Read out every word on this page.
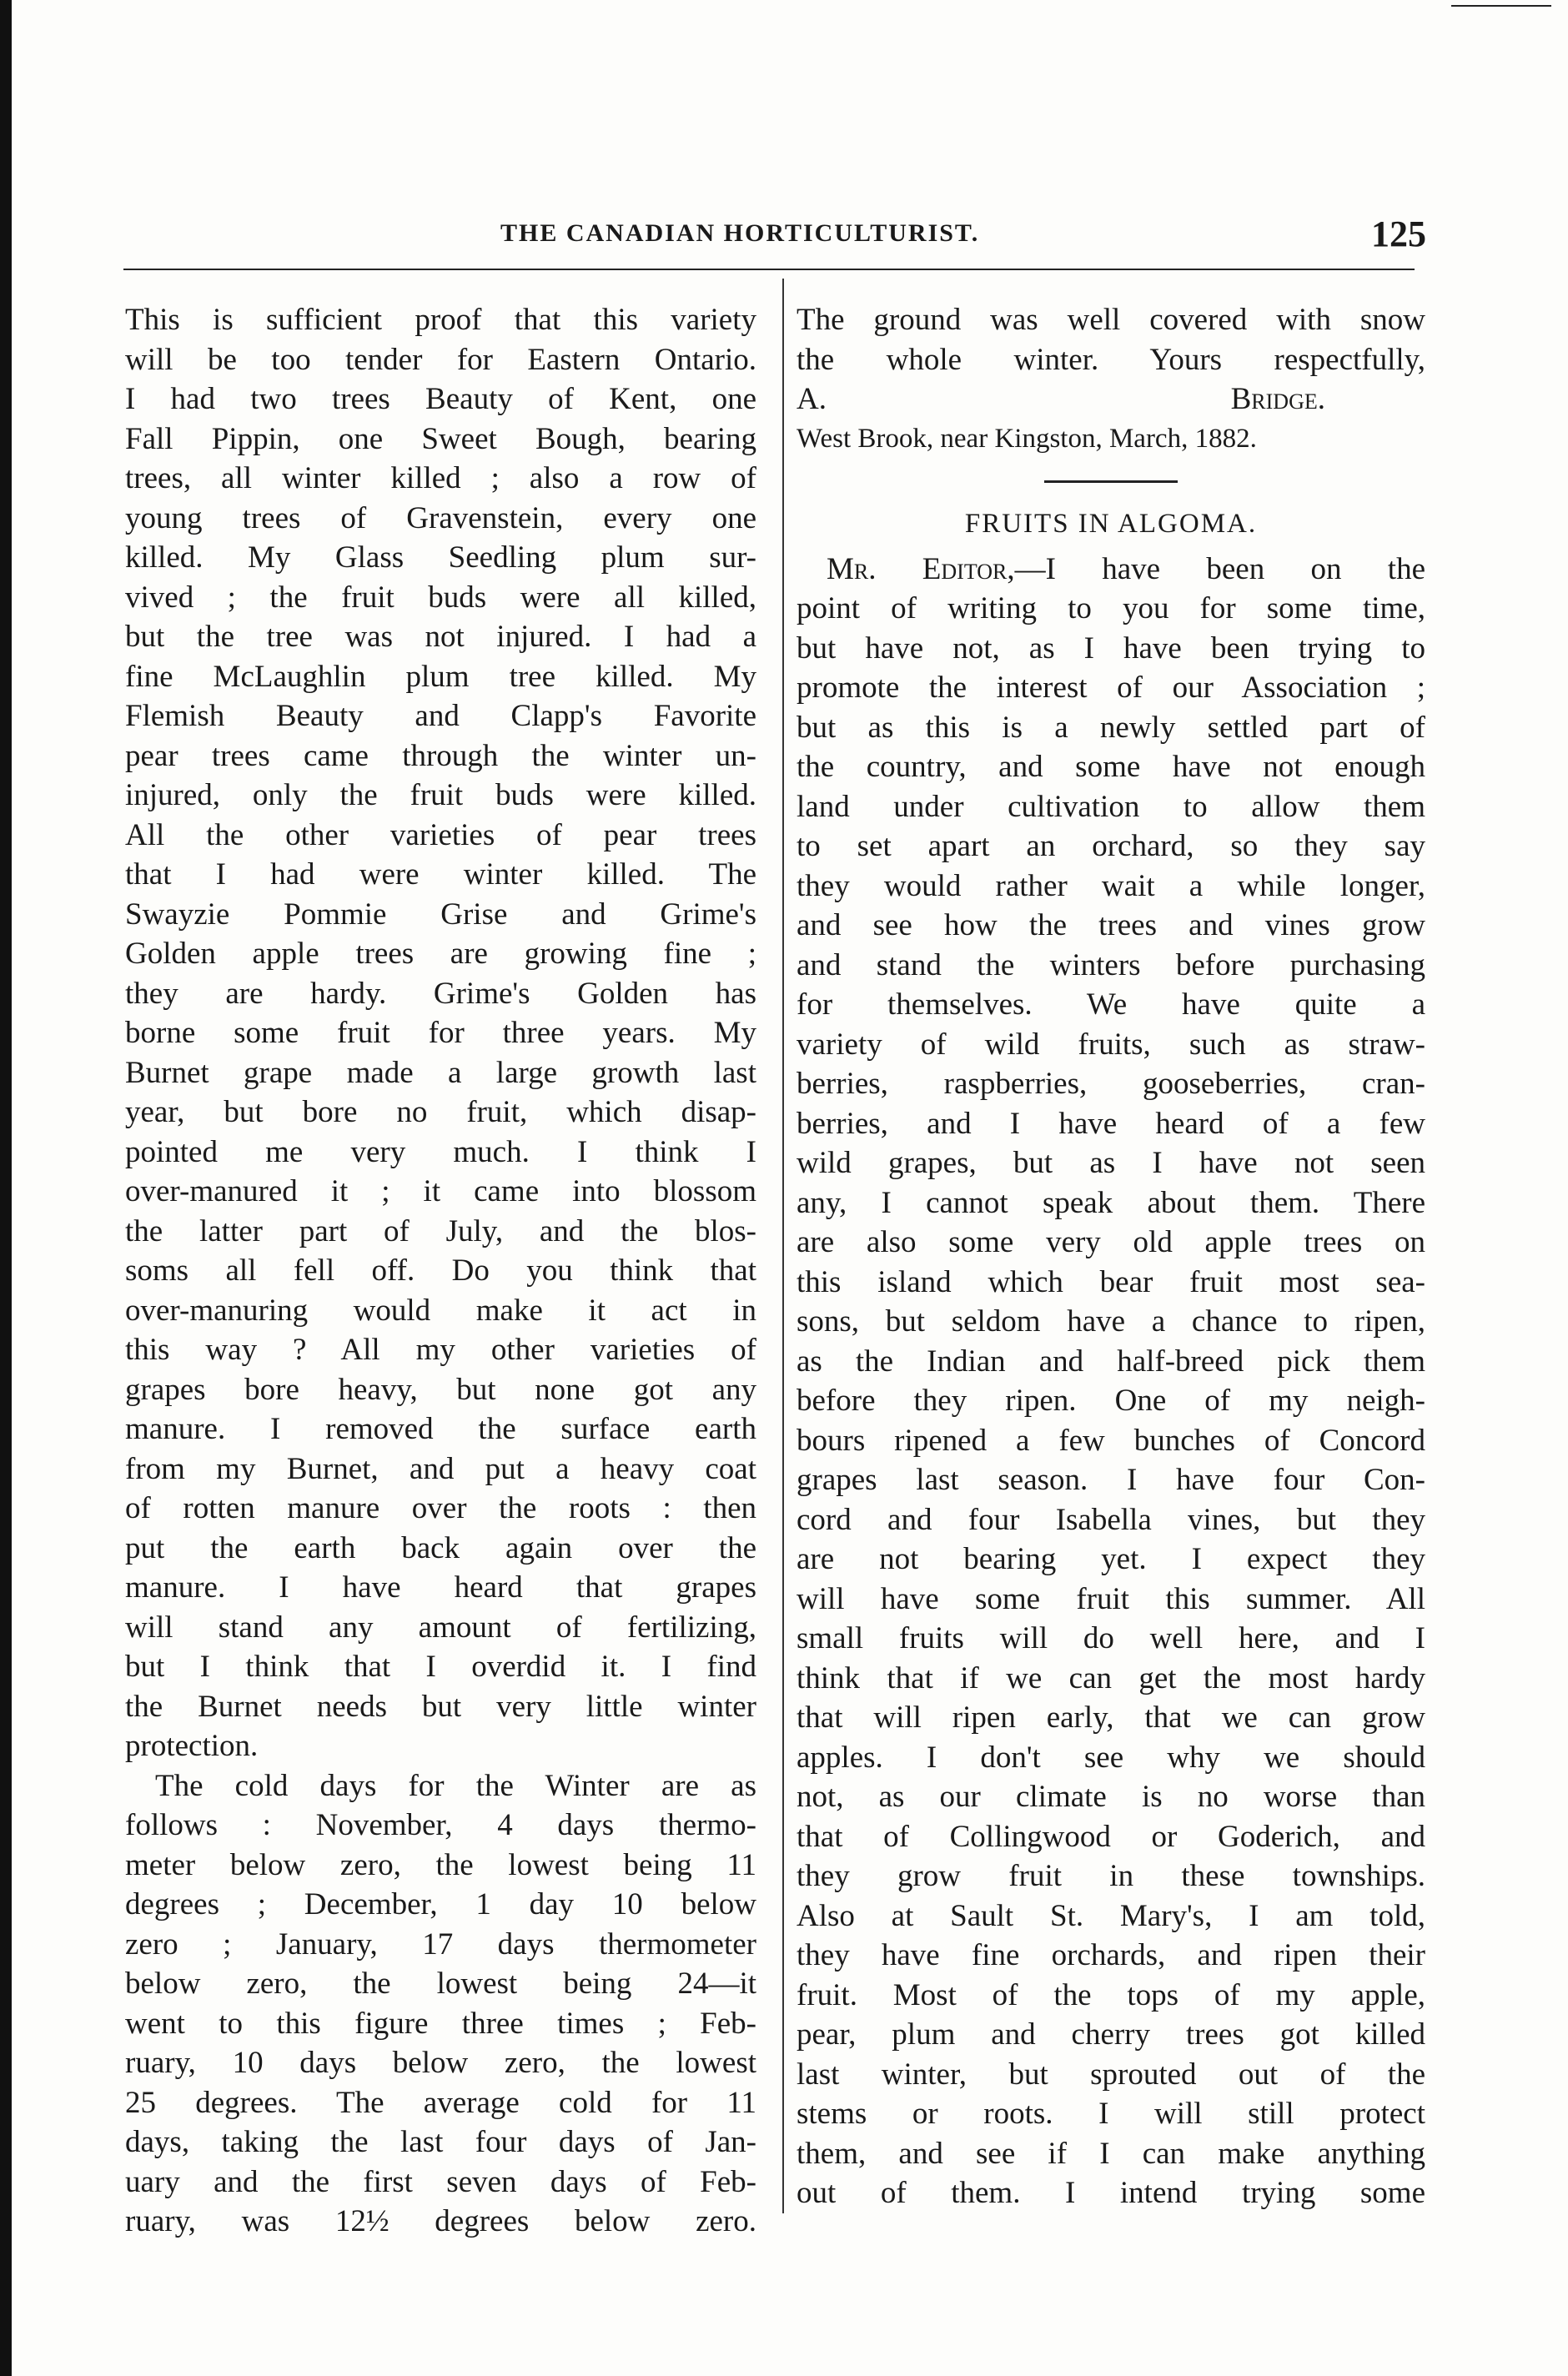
THE CANADIAN HORTICULTURIST.	125
This is sufficient proof that this variety
will be too tender for Eastern Ontario.
I had two trees Beauty of Kent, one
Fall Pippin, one Sweet Bough, bearing
trees, all winter killed ; also a row of
young trees of Gravenstein, every one
killed. My Glass Seedling plum sur-
vived ; the fruit buds were all killed,
but the tree was not injured. I had a
fine McLaughlin plum tree killed. My
Flemish Beauty and Clapp's Favorite
pear trees came through the winter un-
injured, only the fruit buds were killed.
All the other varieties of pear trees
that I had were winter killed. The
Swayzie Pommie Grise and Grime's
Golden apple trees are growing fine ;
they are hardy. Grime's Golden has
borne some fruit for three years. My
Burnet grape made a large growth last
year, but bore no fruit, which disap-
pointed me very much. I think I
over-manured it ; it came into blossom
the latter part of July, and the blos-
soms all fell off. Do you think that
over-manuring would make it act in
this way ? All my other varieties of
grapes bore heavy, but none got any
manure. I removed the surface earth
from my Burnet, and put a heavy coat
of rotten manure over the roots : then
put the earth back again over the
manure. I have heard that grapes
will stand any amount of fertilizing,
but I think that I overdid it. I find
the Burnet needs but very little winter
protection.
The cold days for the Winter are as
follows : November, 4 days thermo-
meter below zero, the lowest being 11
degrees ; December, 1 day 10 below
zero ; January, 17 days thermometer
below zero, the lowest being 24—it
went to this figure three times ; Feb-
ruary, 10 days below zero, the lowest
25 degrees. The average cold for 11
days, taking the last four days of Jan-
uary and the first seven days of Feb-
ruary, was 12½ degrees below zero.
The ground was well covered with snow
the whole winter. Yours respectfully,
A. Bridge.
West Brook, near Kingston, March, 1882.
FRUITS IN ALGOMA.
Mr. Editor,—I have been on the
point of writing to you for some time,
but have not, as I have been trying to
promote the interest of our Association ;
but as this is a newly settled part of
the country, and some have not enough
land under cultivation to allow them
to set apart an orchard, so they say
they would rather wait a while longer,
and see how the trees and vines grow
and stand the winters before purchasing
for themselves. We have quite a
variety of wild fruits, such as straw-
berries, raspberries, gooseberries, cran-
berries, and I have heard of a few
wild grapes, but as I have not seen
any, I cannot speak about them. There
are also some very old apple trees on
this island which bear fruit most sea-
sons, but seldom have a chance to ripen,
as the Indian and half-breed pick them
before they ripen. One of my neigh-
bours ripened a few bunches of Concord
grapes last season. I have four Con-
cord and four Isabella vines, but they
are not bearing yet. I expect they
will have some fruit this summer. All
small fruits will do well here, and I
think that if we can get the most hardy
that will ripen early, that we can grow
apples. I don't see why we should
not, as our climate is no worse than
that of Collingwood or Goderich, and
they grow fruit in these townships.
Also at Sault St. Mary's, I am told,
they have fine orchards, and ripen their
fruit. Most of the tops of my apple,
pear, plum and cherry trees got killed
last winter, but sprouted out of the
stems or roots. I will still protect
them, and see if I can make anything
out of them. I intend trying some
